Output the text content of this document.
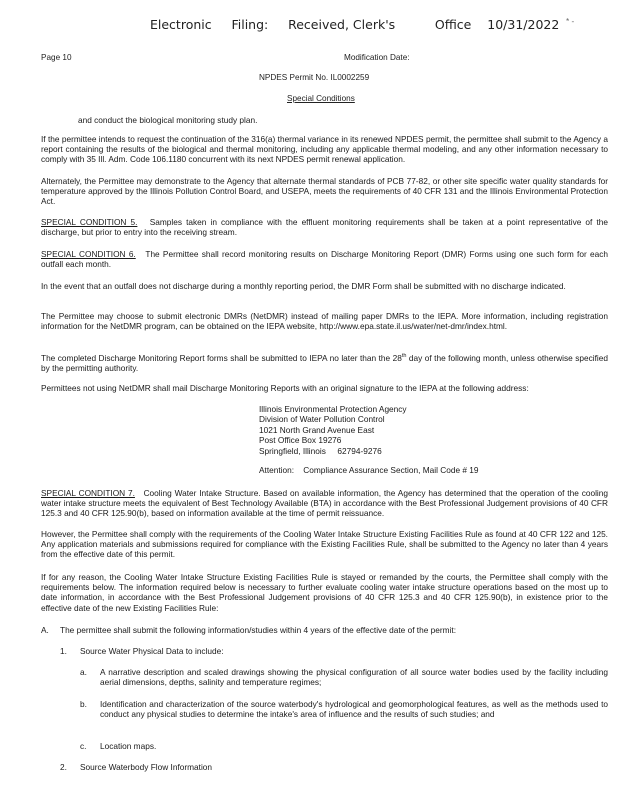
Electronic     Filing:     Received, Clerk's          Office    10/31/2022 * -
Page 10	Modification Date:
NPDES Permit No. IL0002259
Special Conditions
and conduct the biological monitoring study plan.
If the permittee intends to request the continuation of the 316(a) thermal variance in its renewed NPDES permit, the permittee shall submit to the Agency a report containing the results of the biological and thermal monitoring, including any applicable thermal modeling, and any other information necessary to comply with 35 Ill. Adm. Code 106.1180 concurrent with its next NPDES permit renewal application.
Alternately, the Permittee may demonstrate to the Agency that alternate thermal standards of PCB 77-82, or other site specific water quality standards for temperature approved by the Illinois Pollution Control Board, and USEPA, meets the requirements of 40 CFR 131 and the Illinois Environmental Protection Act.
SPECIAL CONDITION 5. Samples taken in compliance with the effluent monitoring requirements shall be taken at a point representative of the discharge, but prior to entry into the receiving stream.
SPECIAL CONDITION 6. The Permittee shall record monitoring results on Discharge Monitoring Report (DMR) Forms using one such form for each outfall each month.
In the event that an outfall does not discharge during a monthly reporting period, the DMR Form shall be submitted with no discharge indicated.
The Permittee may choose to submit electronic DMRs (NetDMR) instead of mailing paper DMRs to the IEPA. More information, including registration information for the NetDMR program, can be obtained on the IEPA website, http://www.epa.state.il.us/water/net-dmr/index.html.
The completed Discharge Monitoring Report forms shall be submitted to IEPA no later than the 28th day of the following month, unless otherwise specified by the permitting authority.
Permittees not using NetDMR shall mail Discharge Monitoring Reports with an original signature to the IEPA at the following address:
Illinois Environmental Protection Agency
Division of Water Pollution Control
1021 North Grand Avenue East
Post Office Box 19276
Springfield, Illinois     62794-9276
Attention:    Compliance Assurance Section, Mail Code # 19
SPECIAL CONDITION 7. Cooling Water Intake Structure. Based on available information, the Agency has determined that the operation of the cooling water intake structure meets the equivalent of Best Technology Available (BTA) in accordance with the Best Professional Judgement provisions of 40 CFR 125.3 and 40 CFR 125.90(b), based on information available at the time of permit reissuance.
However, the Permittee shall comply with the requirements of the Cooling Water Intake Structure Existing Facilities Rule as found at 40 CFR 122 and 125. Any application materials and submissions required for compliance with the Existing Facilities Rule, shall be submitted to the Agency no later than 4 years from the effective date of this permit.
If for any reason, the Cooling Water Intake Structure Existing Facilities Rule is stayed or remanded by the courts, the Permittee shall comply with the requirements below. The information required below is necessary to further evaluate cooling water intake structure operations based on the most up to date information, in accordance with the Best Professional Judgement provisions of 40 CFR 125.3 and 40 CFR 125.90(b), in existence prior to the effective date of the new Existing Facilities Rule:
A. The permittee shall submit the following information/studies within 4 years of the effective date of the permit:
1. Source Water Physical Data to include:
a. A narrative description and scaled drawings showing the physical configuration of all source water bodies used by the facility including aerial dimensions, depths, salinity and temperature regimes;
b. Identification and characterization of the source waterbody's hydrological and geomorphological features, as well as the methods used to conduct any physical studies to determine the intake's area of influence and the results of such studies; and
c. Location maps.
2. Source Waterbody Flow Information
